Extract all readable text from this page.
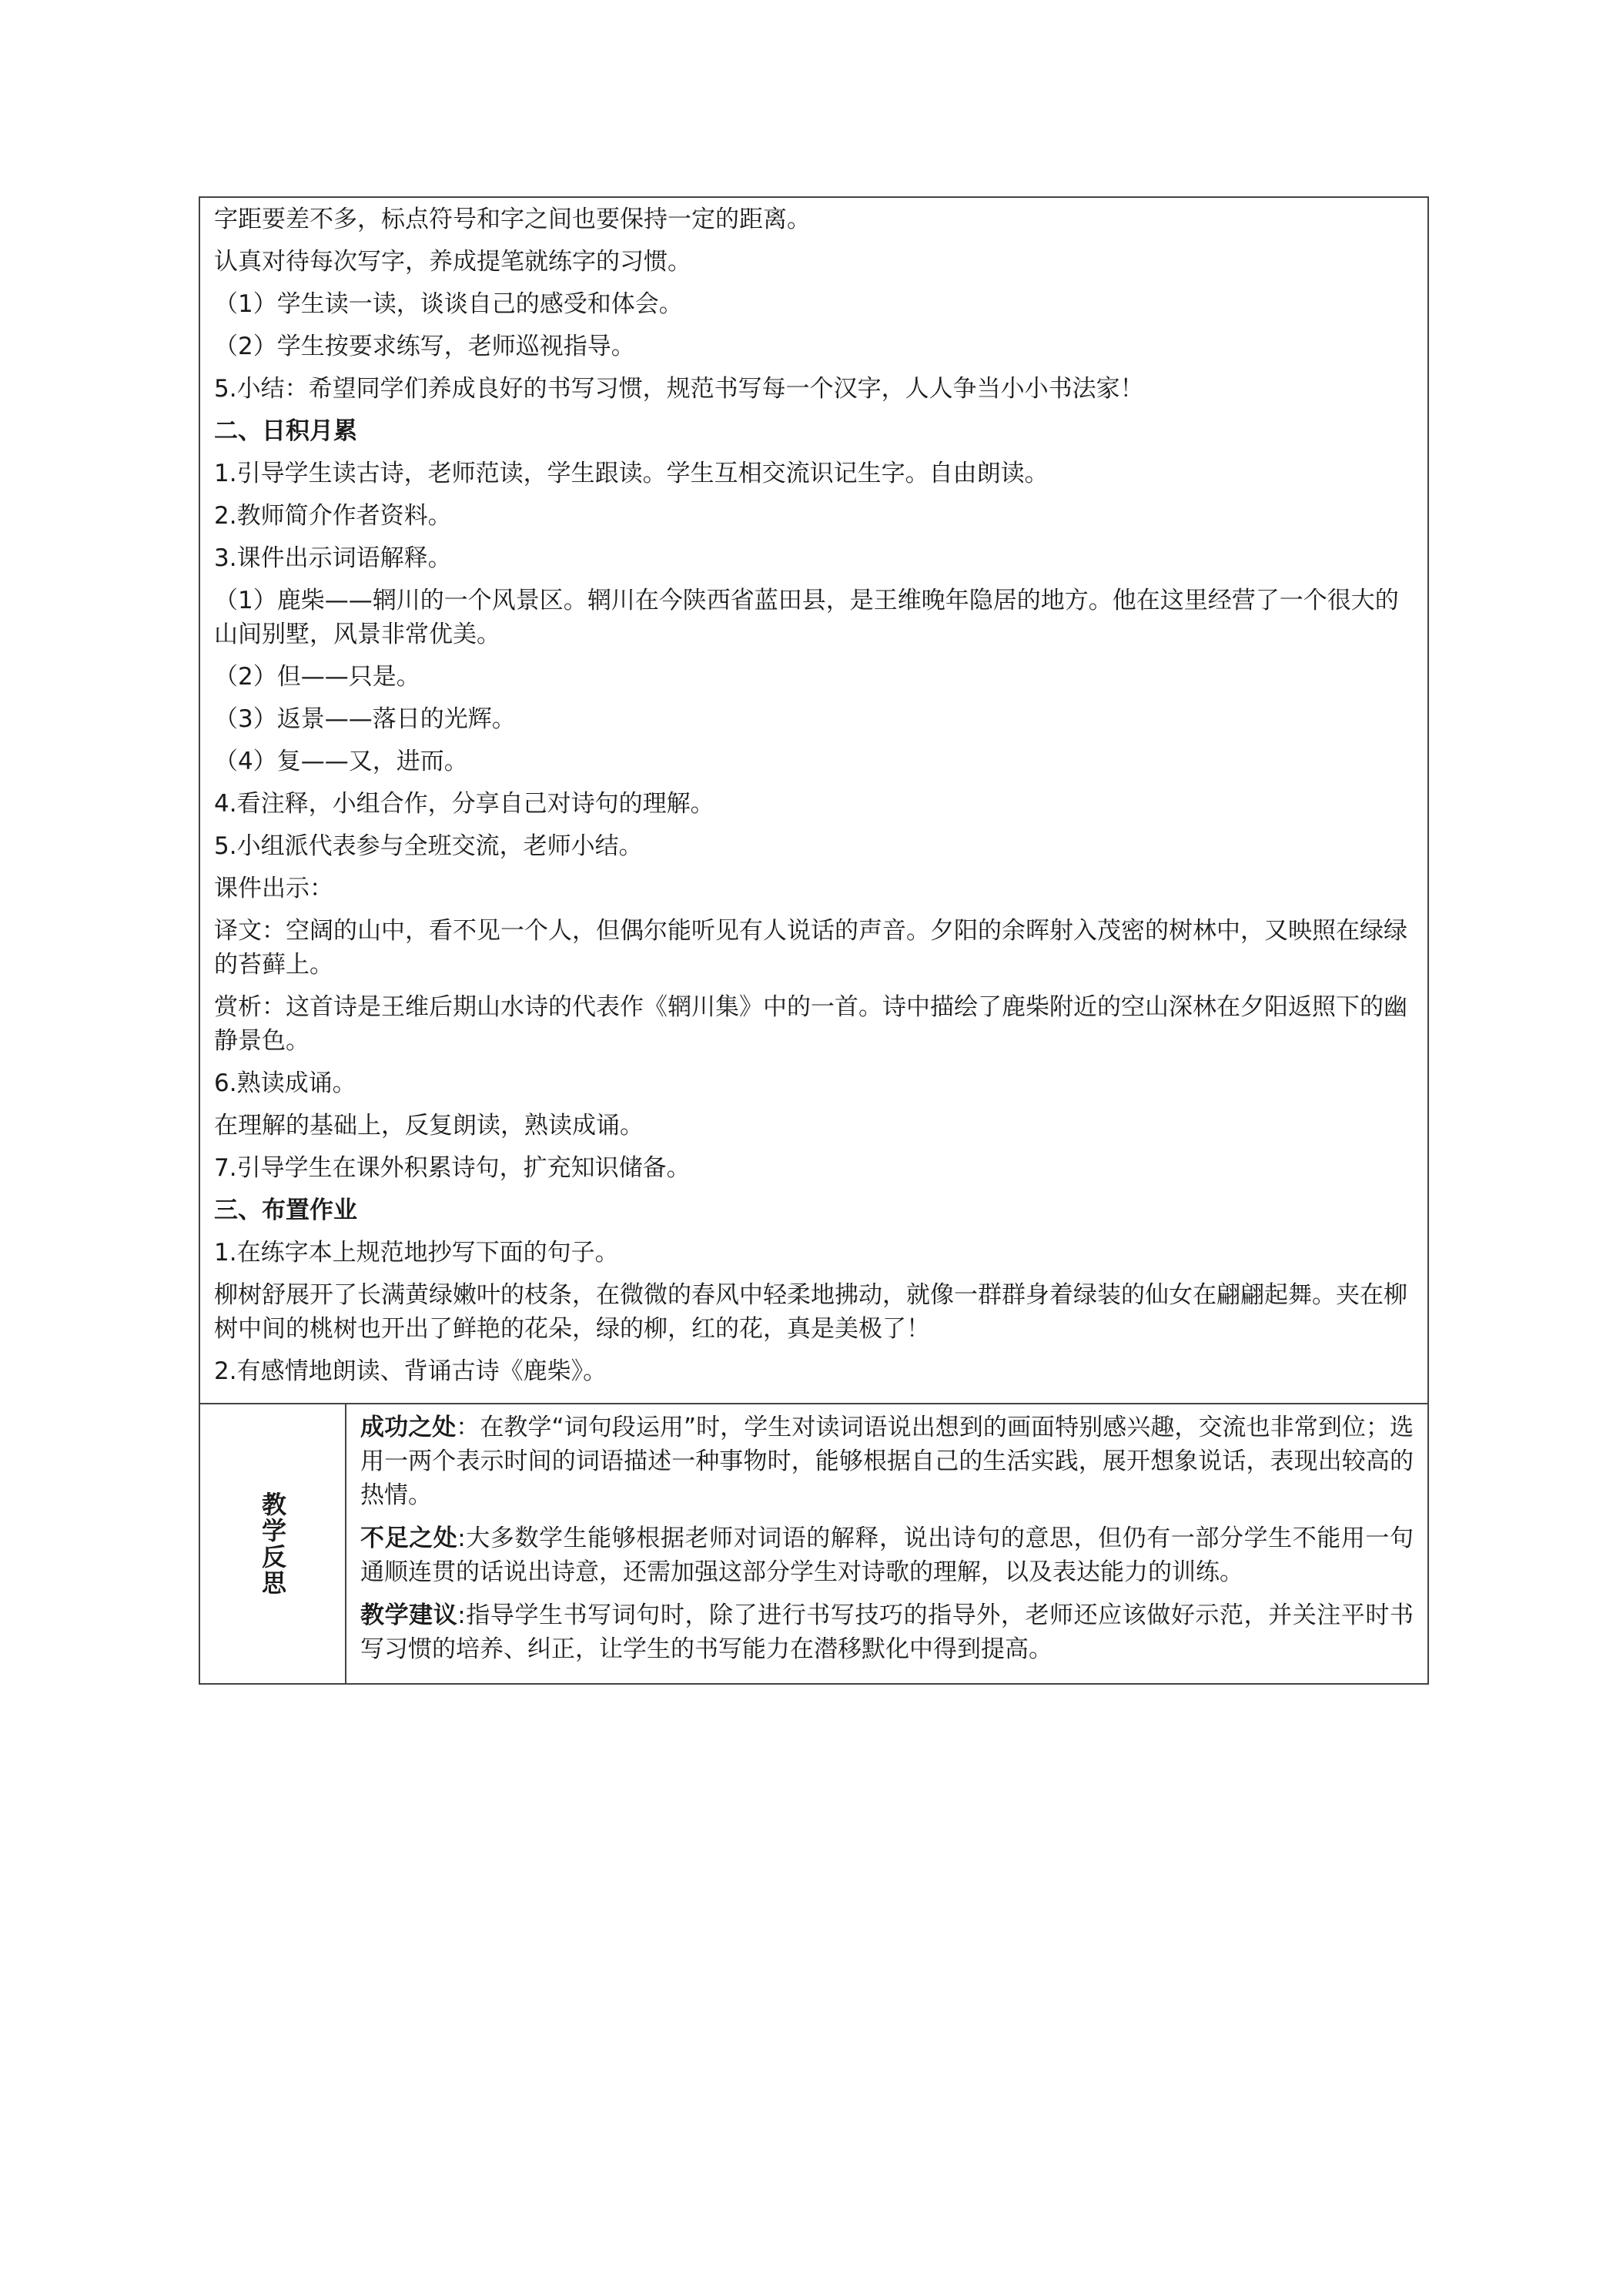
字距要差不多，标点符号和字之间也要保持一定的距离。

认真对待每次写字，养成提笔就练字的习惯。

（1）学生读一读，谈谈自己的感受和体会。

（2）学生按要求练写，老师巡视指导。

5.小结：希望同学们养成良好的书写习惯，规范书写每一个汉字，人人争当小小书法家！

二、日积月累

1.引导学生读古诗，老师范读，学生跟读。学生互相交流识记生字。自由朗读。

2.教师简介作者资料。

3.课件出示词语解释。

（1）鹿柴——辋川的一个风景区。辋川在今陕西省蓝田县，是王维晚年隐居的地方。他在这里经营了一个很大的山间别墅，风景非常优美。

（2）但——只是。

（3）返景——落日的光辉。

（4）复——又，进而。

4.看注释，小组合作，分享自己对诗句的理解。

5.小组派代表参与全班交流，老师小结。

课件出示：

译文：空阔的山中，看不见一个人，但偶尔能听见有人说话的声音。夕阳的余晖射入茂密的树林中，又映照在绿绿的苔藓上。

赏析：这首诗是王维后期山水诗的代表作《辋川集》中的一首。诗中描绘了鹿柴附近的空山深林在夕阳返照下的幽静景色。

6.熟读成诵。

在理解的基础上，反复朗读，熟读成诵。

7.引导学生在课外积累诗句，扩充知识储备。

三、布置作业

1.在练字本上规范地抄写下面的句子。

柳树舒展开了长满黄绿嫩叶的枝条，在微微的春风中轻柔地拂动，就像一群群身着绿装的仙女在翩翩起舞。夹在柳树中间的桃树也开出了鲜艳的花朵，绿的柳，红的花，真是美极了！

2.有感情地朗读、背诵古诗《鹿柴》。

教学反思

成功之处：在教学“词句段运用”时，学生对读词语说出想到的画面特别感兴趣，交流也非常到位；选用一两个表示时间的词语描述一种事物时，能够根据自己的生活实践，展开想象说话，表现出较高的热情。

不足之处:大多数学生能够根据老师对词语的解释，说出诗句的意思，但仍有一部分学生不能用一句通顺连贯的话说出诗意，还需加强这部分学生对诗歌的理解，以及表达能力的训练。

教学建议:指导学生书写词句时，除了进行书写技巧的指导外，老师还应该做好示范，并关注平时书写习惯的培养、纠正，让学生的书写能力在潜移默化中得到提高。
